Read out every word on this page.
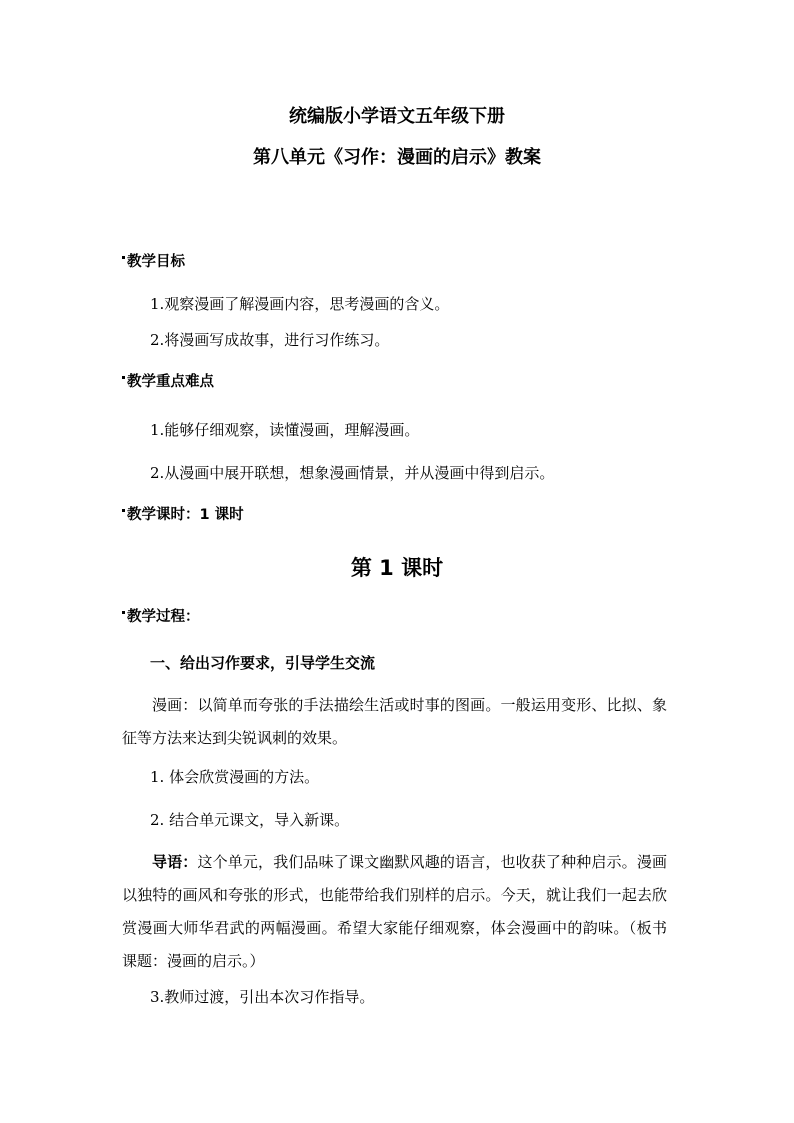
统编版小学语文五年级下册
第八单元《习作：漫画的启示》教案
教学目标
1.观察漫画了解漫画内容，思考漫画的含义。
2.将漫画写成故事，进行习作练习。
教学重点难点
1.能够仔细观察，读懂漫画，理解漫画。
2.从漫画中展开联想，想象漫画情景，并从漫画中得到启示。
教学课时：1 课时
第 1 课时
教学过程：
一、给出习作要求，引导学生交流
漫画：以简单而夸张的手法描绘生活或时事的图画。一般运用变形、比拟、象征等方法来达到尖锐讽刺的效果。
1. 体会欣赏漫画的方法。
2. 结合单元课文，导入新课。
导语：这个单元，我们品味了课文幽默风趣的语言，也收获了种种启示。漫画以独特的画风和夸张的形式，也能带给我们别样的启示。今天，就让我们一起去欣赏漫画大师华君武的两幅漫画。希望大家能仔细观察，体会漫画中的韵味。（板书课题：漫画的启示。）
3.教师过渡，引出本次习作指导。
